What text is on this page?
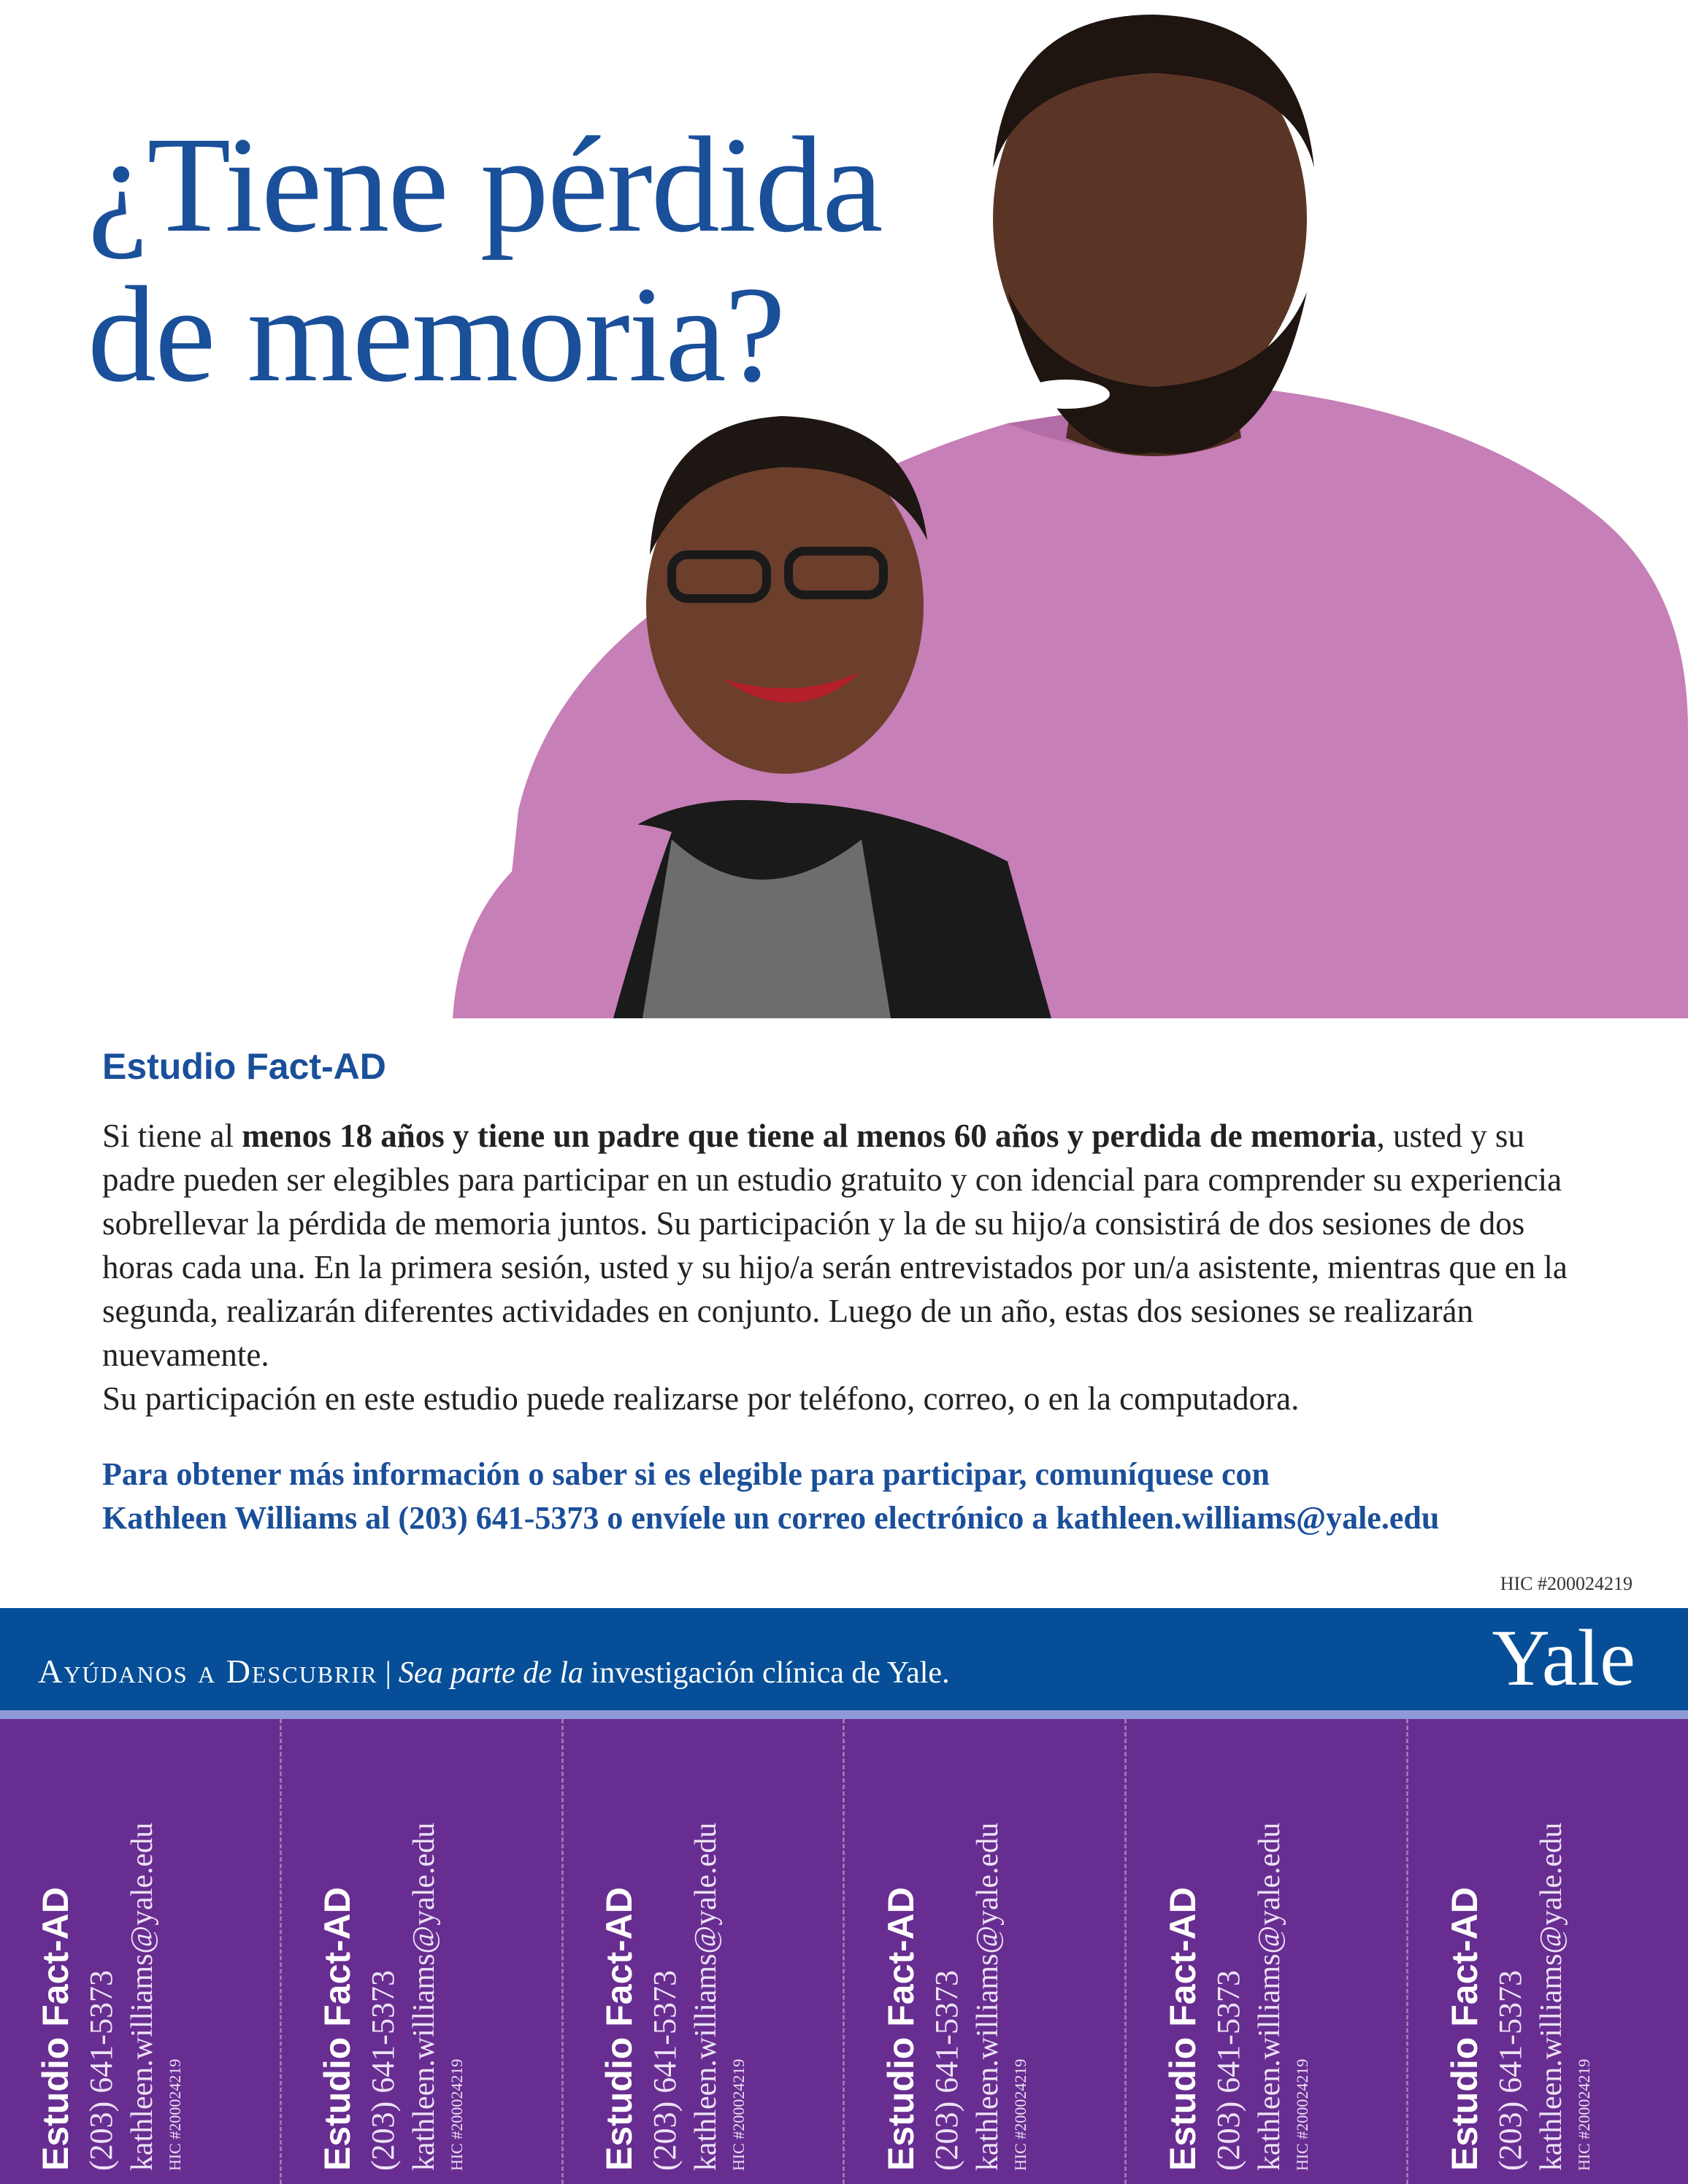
¿Tiene pérdida
de memoria?
Estudio Fact-AD

Si tiene al menos 18 años y tiene un padre que tiene al menos 60 años y perdida de memoria, usted y su padre pueden ser elegibles para participar en un estudio gratuito y con idencial para comprender su experiencia sobrellevar la pérdida de memoria juntos. Su participación y la de su hijo/a consistirá de dos sesiones de dos horas cada una. En la primera sesión, usted y su hijo/a serán entrevistados por un/a asistente, mientras que en la segunda, realizarán diferentes actividades en conjunto. Luego de un año, estas dos sesiones se realizarán nuevamente.
Su participación en este estudio puede realizarse por teléfono, correo, o en la computadora.

Para obtener más información o saber si es elegible para participar, comuníquese con
Kathleen Williams al (203) 641-5373 o envíele un correo electrónico a kathleen.williams@yale.edu

HIC #200024219
Ayúdanos a Descubrir | Sea parte de la investigación clínica de Yale.	Yale
Estudio Fact-AD (203) 641-5373 kathleen.williams@yale.edu HIC #200024219	Estudio Fact-AD (203) 641-5373 kathleen.williams@yale.edu HIC #200024219	Estudio Fact-AD (203) 641-5373 kathleen.williams@yale.edu HIC #200024219	Estudio Fact-AD (203) 641-5373 kathleen.williams@yale.edu HIC #200024219	Estudio Fact-AD (203) 641-5373 kathleen.williams@yale.edu HIC #200024219	Estudio Fact-AD (203) 641-5373 kathleen.williams@yale.edu HIC #200024219
